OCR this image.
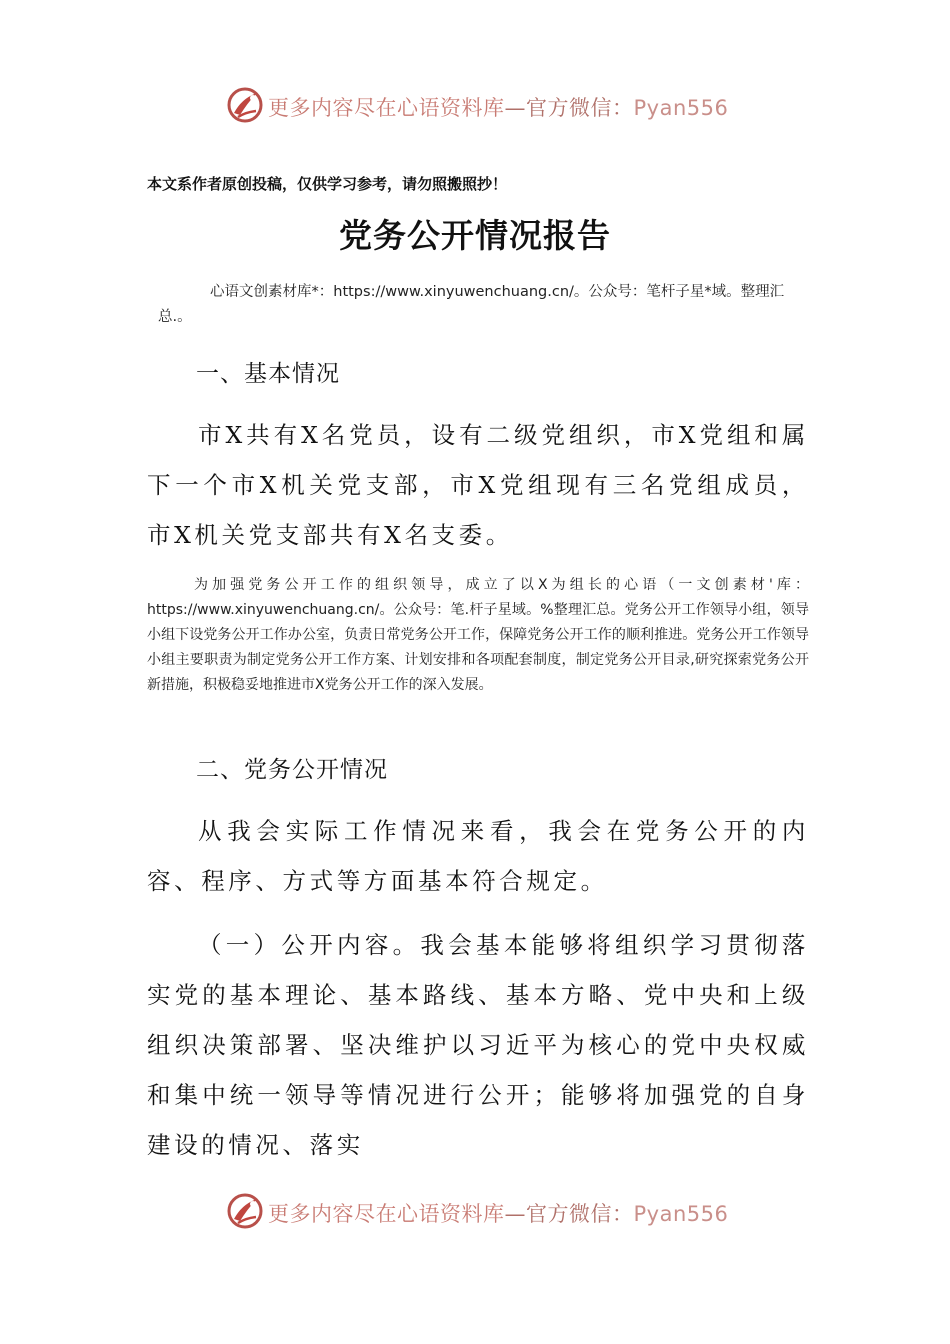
更多内容尽在心语资料库—官方微信：Pyan556
本文系作者原创投稿，仅供学习参考，请勿照搬照抄！
党务公开情况报告
心语文创素材库*：https://www.xinyuwenchuang.cn/。公众号：笔杆子星*域。整理汇总.。
一、基本情况
市X共有X名党员，设有二级党组织，市X党组和属下一个市X机关党支部，市X党组现有三名党组成员，市X机关党支部共有X名支委。
为加强党务公开工作的组织领导，成立了以X为组长的心语（一文创素材'库：https://www.xinyuwenchuang.cn/。公众号：笔.杆子星域。%整理汇总。党务公开工作领导小组，领导小组下设党务公开工作办公室，负责日常党务公开工作，保障党务公开工作的顺利推进。党务公开工作领导小组主要职责为制定党务公开工作方案、计划安排和各项配套制度，制定党务公开目录,研究探索党务公开新措施，积极稳妥地推进市X党务公开工作的深入发展。
二、党务公开情况
从我会实际工作情况来看，我会在党务公开的内容、程序、方式等方面基本符合规定。
（一）公开内容。我会基本能够将组织学习贯彻落实党的基本理论、基本路线、基本方略、党中央和上级组织决策部署、坚决维护以习近平为核心的党中央权威和集中统一领导等情况进行公开；能够将加强党的自身建设的情况、落实
更多内容尽在心语资料库—官方微信：Pyan556
